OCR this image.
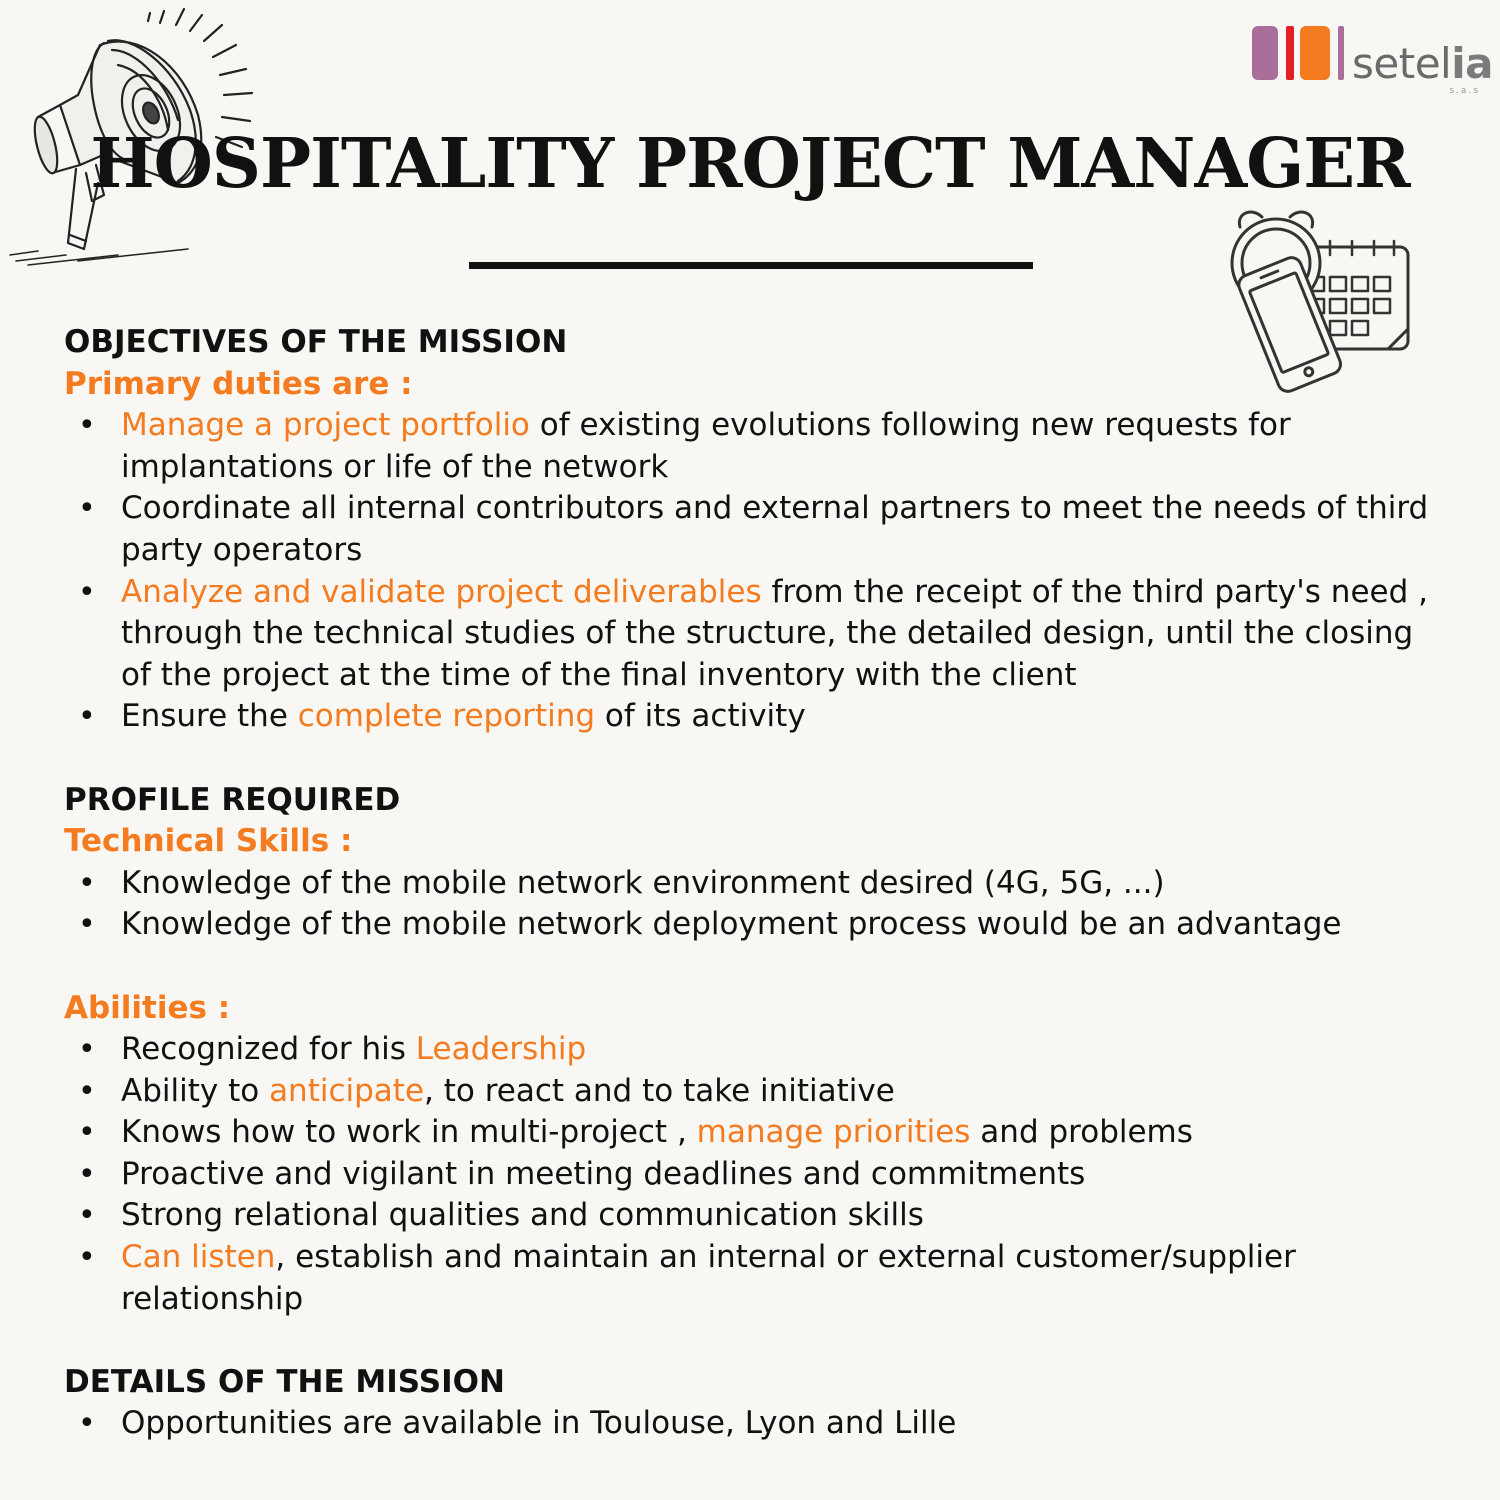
setelia
s.a.s
HOSPITALITY PROJECT MANAGER

OBJECTIVES OF THE MISSION

Primary duties are :

• Manage a project portfolio of existing evolutions following new requests for implantations or life of the network
• Coordinate all internal contributors and external partners to meet the needs of third party operators
• Analyze and validate project deliverables from the receipt of the third party's need , through the technical studies of the structure, the detailed design, until the closing of the project at the time of the final inventory with the client
• Ensure the complete reporting of its activity

PROFILE REQUIRED

Technical Skills :

• Knowledge of the mobile network environment desired (4G, 5G, ...)
• Knowledge of the mobile network deployment process would be an advantage

Abilities :

• Recognized for his Leadership
• Ability to anticipate, to react and to take initiative
• Knows how to work in multi-project , manage priorities and problems
• Proactive and vigilant in meeting deadlines and commitments
• Strong relational qualities and communication skills
• Can listen, establish and maintain an internal or external customer/supplier relationship

DETAILS OF THE MISSION

• Opportunities are available in Toulouse, Lyon and Lille
